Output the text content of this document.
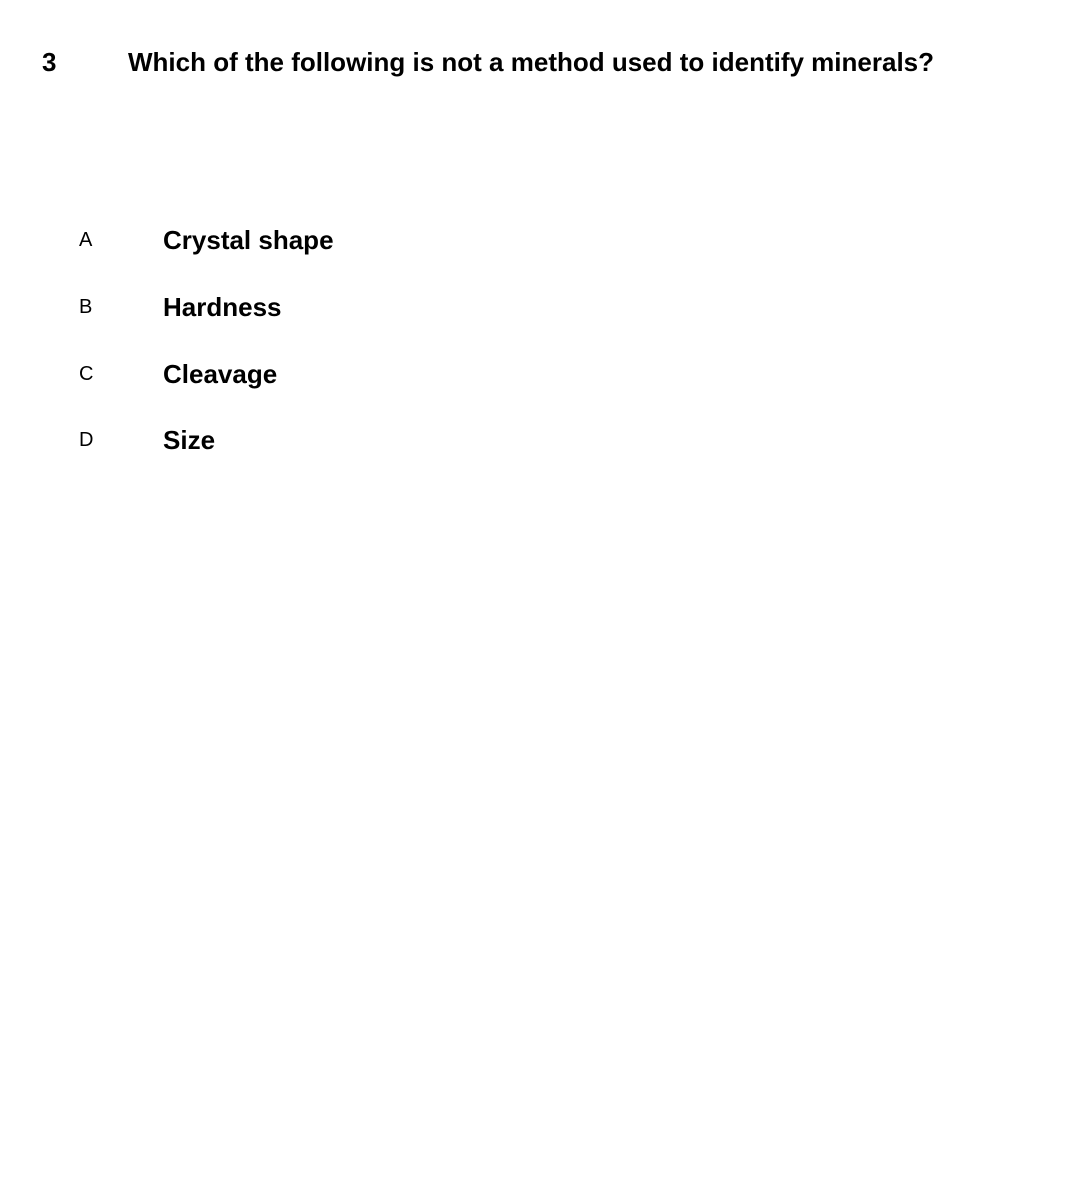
3	Which of the following is not a method used to identify minerals?
A	Crystal shape
B	Hardness
C	Cleavage
D	Size
